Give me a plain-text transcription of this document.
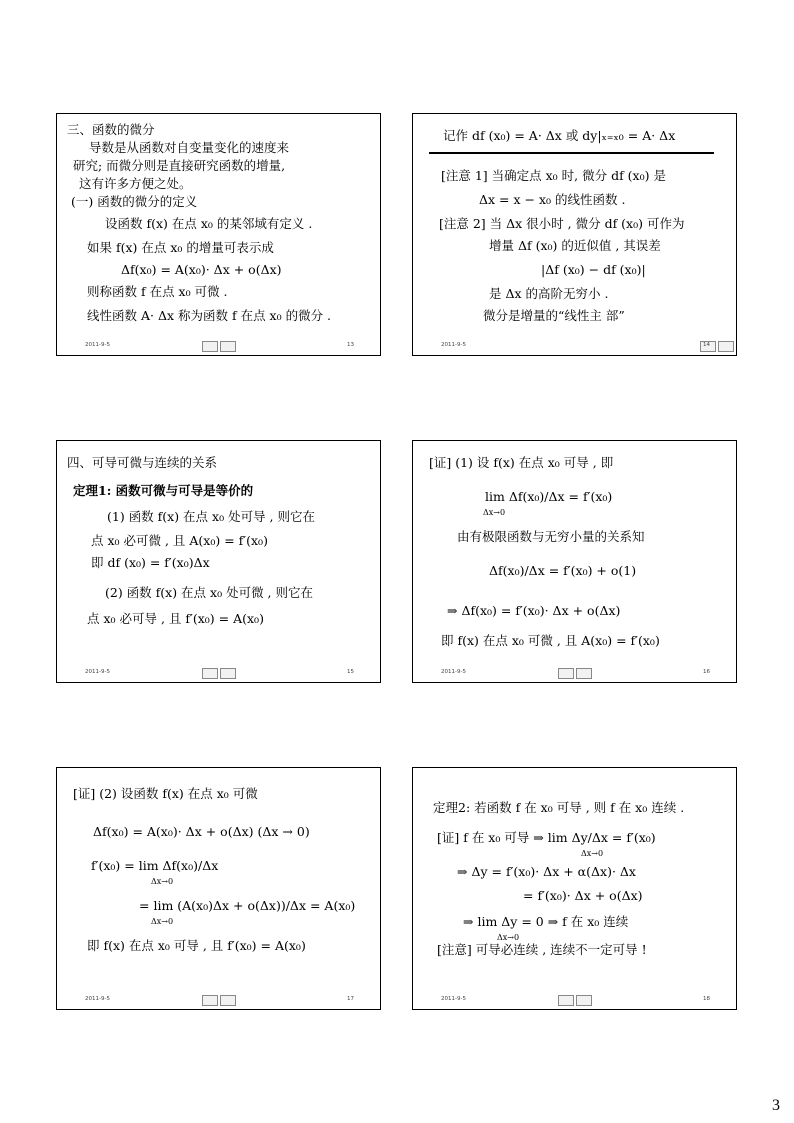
三、函数的微分
导数是从函数对自变量变化的速度来
研究; 而微分则是直接研究函数的增量,
这有许多方便之处。
(一) 函数的微分的定义
设函数 f(x) 在点 x₀ 的某邻域有定义 .
如果 f(x) 在点 x₀ 的增量可表示成
Δf(x₀) = A(x₀)· Δx + o(Δx)
则称函数 f 在点 x₀ 可微 .
线性函数 A· Δx 称为函数 f 在点 x₀ 的微分 .
2011-9-5	13
记作 df (x₀) = A· Δx 或 dy|ₓ₌ₓ₀ = A· Δx
[注意 1] 当确定点 x₀ 时, 微分 df (x₀) 是
Δx = x − x₀ 的线性函数 .
[注意 2] 当 Δx 很小时 , 微分 df (x₀) 可作为
增量 Δf (x₀) 的近似值 , 其误差
|Δf (x₀) − df (x₀)|
是 Δx 的高阶无穷小 .
微分是增量的“线性主 部”
2011-9-5	14
四、可导可微与连续的关系
定理1: 函数可微与可导是等价的
(1) 函数 f(x) 在点 x₀ 处可导 , 则它在
点 x₀ 必可微 , 且 A(x₀) = f′(x₀)
即 df (x₀) = f′(x₀)Δx
(2) 函数 f(x) 在点 x₀ 处可微 , 则它在
点 x₀ 必可导 , 且 f′(x₀) = A(x₀)
2011-9-5	15
[证] (1) 设 f(x) 在点 x₀ 可导 , 即
lim Δf(x₀)/Δx = f′(x₀)
Δx→0
由有极限函数与无穷小量的关系知
Δf(x₀)/Δx = f′(x₀) + o(1)
⇒ Δf(x₀) = f′(x₀)· Δx + o(Δx)
即 f(x) 在点 x₀ 可微 , 且 A(x₀) = f′(x₀)
2011-9-5	16
[证] (2) 设函数 f(x) 在点 x₀ 可微
Δf(x₀) = A(x₀)· Δx + o(Δx) (Δx → 0)
f′(x₀) = lim Δf(x₀)/Δx
Δx→0
= lim (A(x₀)Δx + o(Δx))/Δx = A(x₀)
Δx→0
即 f(x) 在点 x₀ 可导 , 且 f′(x₀) = A(x₀)
2011-9-5	17
定理2: 若函数 f 在 x₀ 可导 , 则 f 在 x₀ 连续 .
[证] f 在 x₀ 可导 ⇒ lim Δy/Δx = f′(x₀)
Δx→0
⇒ Δy = f′(x₀)· Δx + α(Δx)· Δx
= f′(x₀)· Δx + o(Δx)
⇒ lim Δy = 0 ⇒ f 在 x₀ 连续
Δx→0
[注意] 可导必连续 , 连续不一定可导 !
2011-9-5	18
3
